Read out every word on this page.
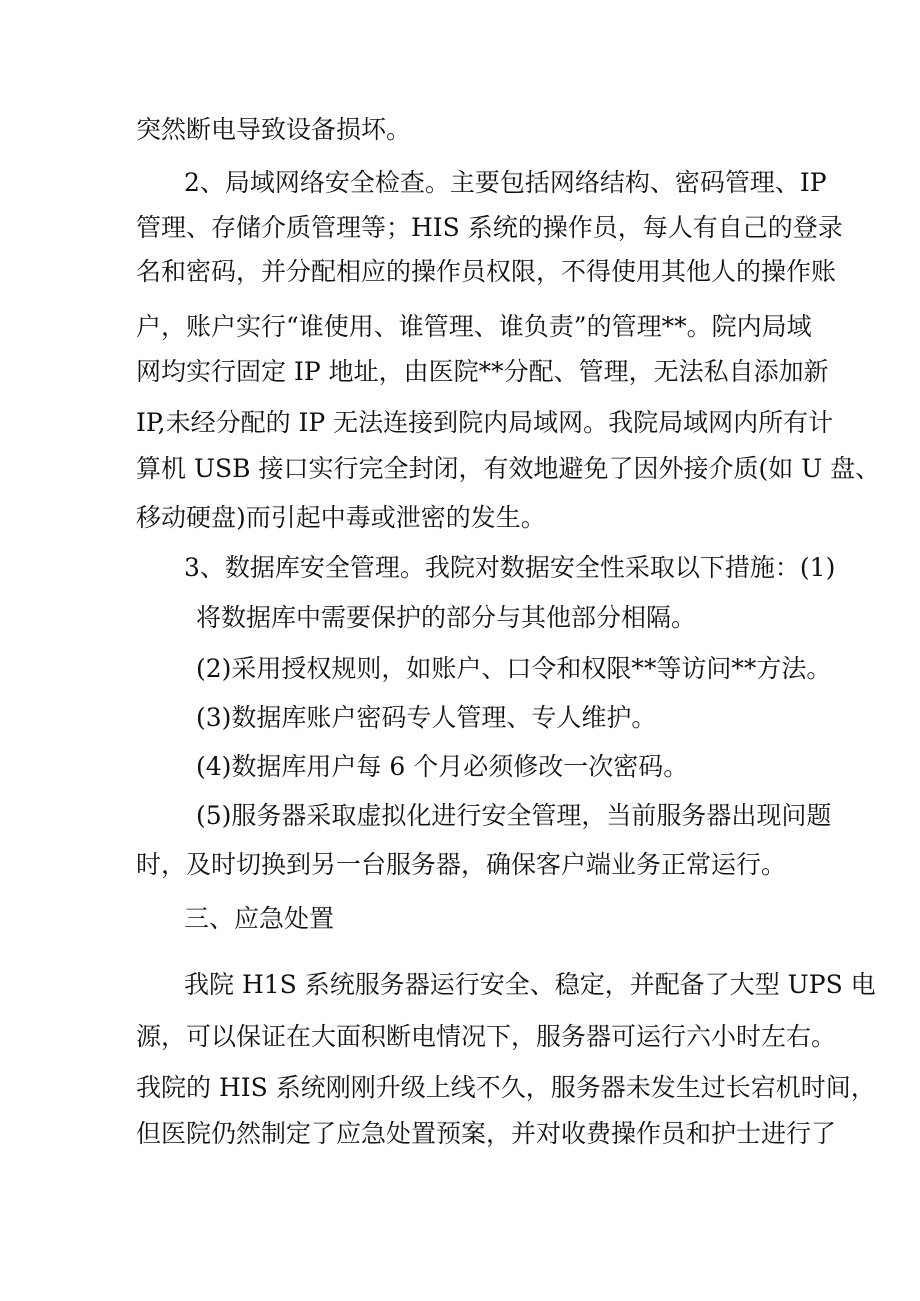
突然断电导致设备损坏。
2、局域网络安全检查。主要包括网络结构、密码管理、IP
管理、存储介质管理等；HIS 系统的操作员，每人有自己的登录
名和密码，并分配相应的操作员权限，不得使用其他人的操作账
户，账户实行“谁使用、谁管理、谁负责”的管理**。院内局域
网均实行固定 IP 地址，由医院**分配、管理，无法私自添加新
IP,未经分配的 IP 无法连接到院内局域网。我院局域网内所有计
算机 USB 接口实行完全封闭，有效地避免了因外接介质(如 U 盘、
移动硬盘)而引起中毒或泄密的发生。
3、数据库安全管理。我院对数据安全性采取以下措施：(1)
将数据库中需要保护的部分与其他部分相隔。
(2)采用授权规则，如账户、口令和权限**等访问**方法。
(3)数据库账户密码专人管理、专人维护。
(4)数据库用户每 6 个月必须修改一次密码。
(5)服务器采取虚拟化进行安全管理，当前服务器出现问题
时，及时切换到另一台服务器，确保客户端业务正常运行。
三、应急处置
我院 H1S 系统服务器运行安全、稳定，并配备了大型 UPS 电
源，可以保证在大面积断电情况下，服务器可运行六小时左右。
我院的 HIS 系统刚刚升级上线不久，服务器未发生过长宕机时间，
但医院仍然制定了应急处置预案，并对收费操作员和护士进行了
